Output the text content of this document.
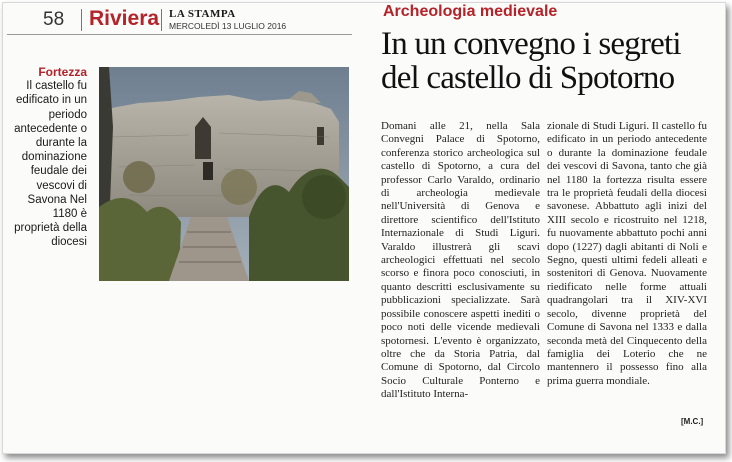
58 Riviera LA STAMPA
MERCOLEDÌ 13 LUGLIO 2016
Fortezza
Il castello fu edificato in un periodo antecedente o durante la dominazione feudale dei vescovi di Savona Nel 1180 è proprietà della diocesi
Archeologia medievale
In un convegno i segreti del castello di Spotorno
Domani alle 21, nella Sala Convegni Palace di Spotorno, conferenza storico archeologica sul castello di Spotorno, a cura del professor Carlo Varaldo, ordinario di archeologia medievale nell'Università di Genova e direttore scientifico dell'Istituto Internazionale di Studi Liguri. Varaldo illustrerà gli scavi archeologici effettuati nel secolo scorso e finora poco conosciuti, in quanto descritti esclusivamente su pubblicazioni specializzate. Sarà possibile conoscere aspetti inediti o poco noti delle vicende medievali spotornesi. L'evento è organizzato, oltre che da Storia Patria, dal Comune di Spotorno, dal Circolo Socio Culturale Ponterno e dall'Istituto Interna-
zionale di Studi Liguri. Il castello fu edificato in un periodo antecedente o durante la dominazione feudale dei vescovi di Savona, tanto che già nel 1180 la fortezza risulta essere tra le proprietà feudali della diocesi savonese. Abbattuto agli inizi del XIII secolo e ricostruito nel 1218, fu nuovamente abbattuto pochi anni dopo (1227) dagli abitanti di Noli e Segno, questi ultimi fedeli alleati e sostenitori di Genova. Nuovamente riedificato nelle forme attuali quadrangolari tra il XIV-XVI secolo, divenne proprietà del Comune di Savona nel 1333 e dalla seconda metà del Cinquecento della famiglia dei Loterio che ne mantennero il possesso fino alla prima guerra mondiale.
[M.C.]
